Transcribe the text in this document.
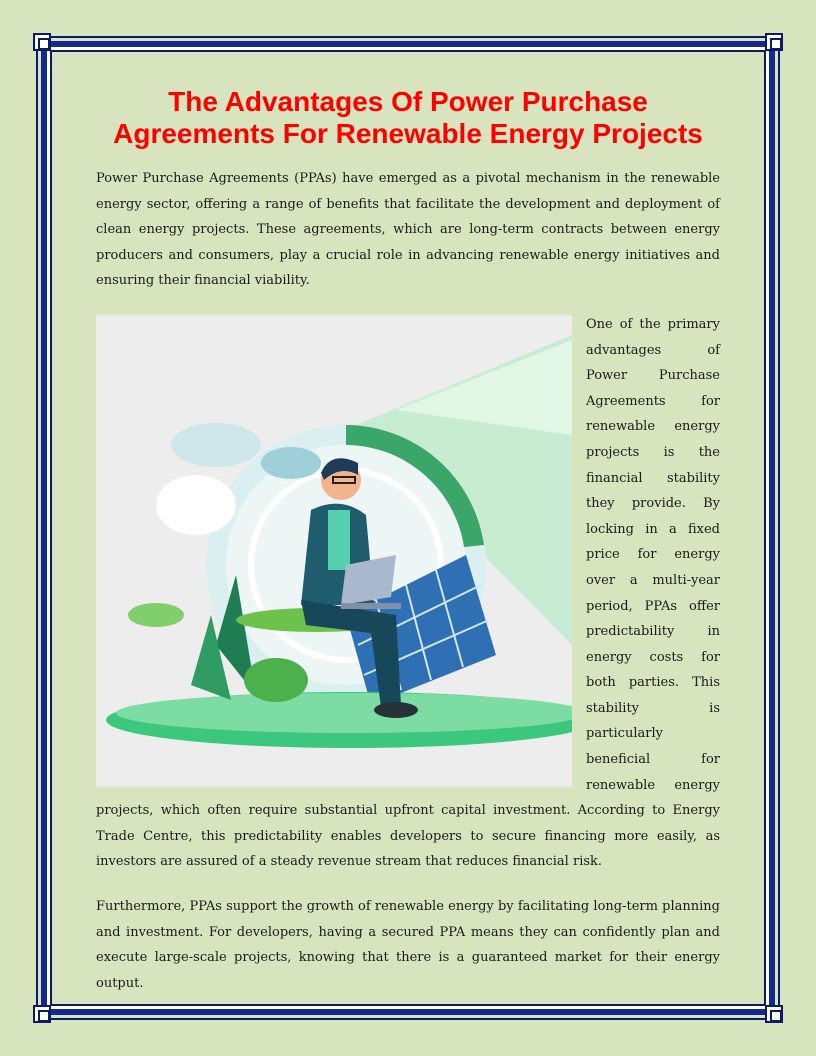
The Advantages Of Power Purchase
Agreements For Renewable Energy Projects

Power Purchase Agreements (PPAs) have emerged as a pivotal mechanism in the renewable energy sector, offering a range of benefits that facilitate the development and deployment of clean energy projects. These agreements, which are long-term contracts between energy producers and consumers, play a crucial role in advancing renewable energy initiatives and ensuring their financial viability.

One of the primary advantages of Power Purchase Agreements for renewable energy projects is the financial stability they provide. By locking in a fixed price for energy over a multi-year period, PPAs offer predictability in energy costs for both parties. This stability is particularly beneficial for renewable energy projects, which often require substantial upfront capital investment. According to Energy Trade Centre, this predictability enables developers to secure financing more easily, as investors are assured of a steady revenue stream that reduces financial risk.

Furthermore, PPAs support the growth of renewable energy by facilitating long-term planning and investment. For developers, having a secured PPA means they can confidently plan and execute large-scale projects, knowing that there is a guaranteed market for their energy output.
